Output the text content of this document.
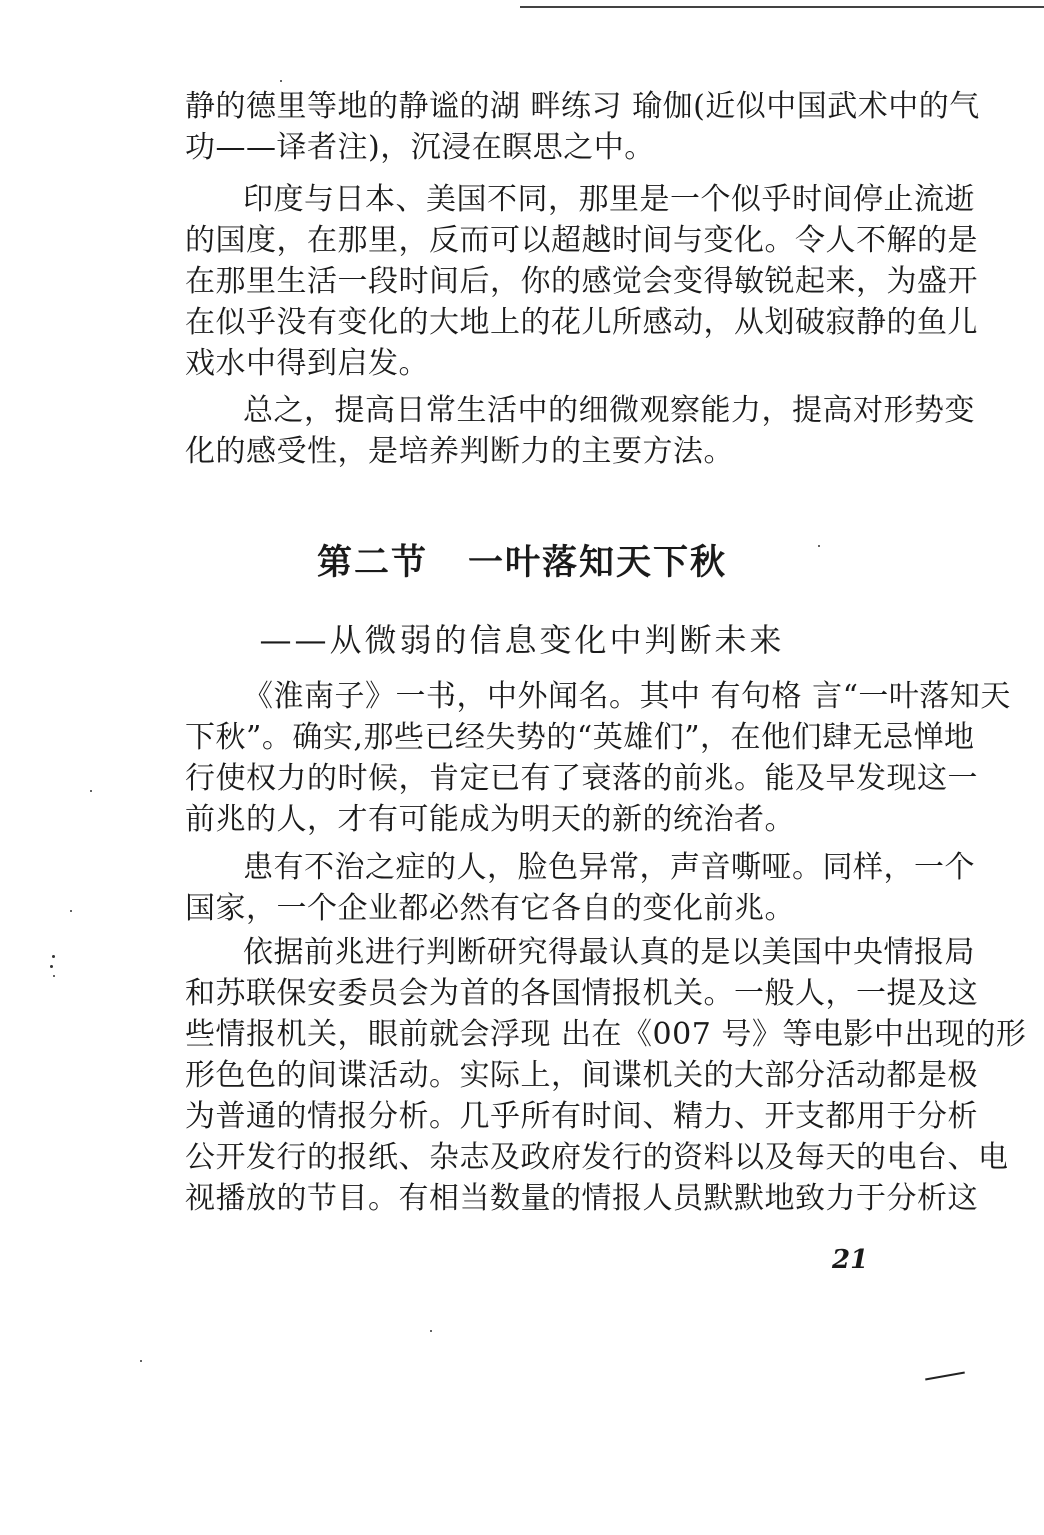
静的德里等地的静谧的湖 畔练习 瑜伽(近似中国武术中的气
功——译者注)，沉浸在瞑思之中。
印度与日本、美国不同，那里是一个似乎时间停止流逝
的国度，在那里，反而可以超越时间与变化。令人不解的是
在那里生活一段时间后，你的感觉会变得敏锐起来，为盛开
在似乎没有变化的大地上的花儿所感动，从划破寂静的鱼儿
戏水中得到启发。
总之，提高日常生活中的细微观察能力，提高对形势变
化的感受性，是培养判断力的主要方法。
第二节 一叶落知天下秋
——从微弱的信息变化中判断未来
《淮南子》一书，中外闻名。其中 有句格 言“一叶落知天
下秋”。确实,那些已经失势的“英雄们”，在他们肆无忌惮地
行使权力的时候，肯定已有了衰落的前兆。能及早发现这一
前兆的人，才有可能成为明天的新的统治者。
患有不治之症的人，脸色异常，声音嘶哑。同样，一个
国家，一个企业都必然有它各自的变化前兆。
依据前兆进行判断研究得最认真的是以美国中央情报局
和苏联保安委员会为首的各国情报机关。一般人，一提及这
些情报机关，眼前就会浮现 出在《007 号》等电影中出现的形
形色色的间谍活动。实际上，间谍机关的大部分活动都是极
为普通的情报分析。几乎所有时间、精力、开支都用于分析
公开发行的报纸、杂志及政府发行的资料以及每天的电台、电
视播放的节目。有相当数量的情报人员默默地致力于分析这
21
